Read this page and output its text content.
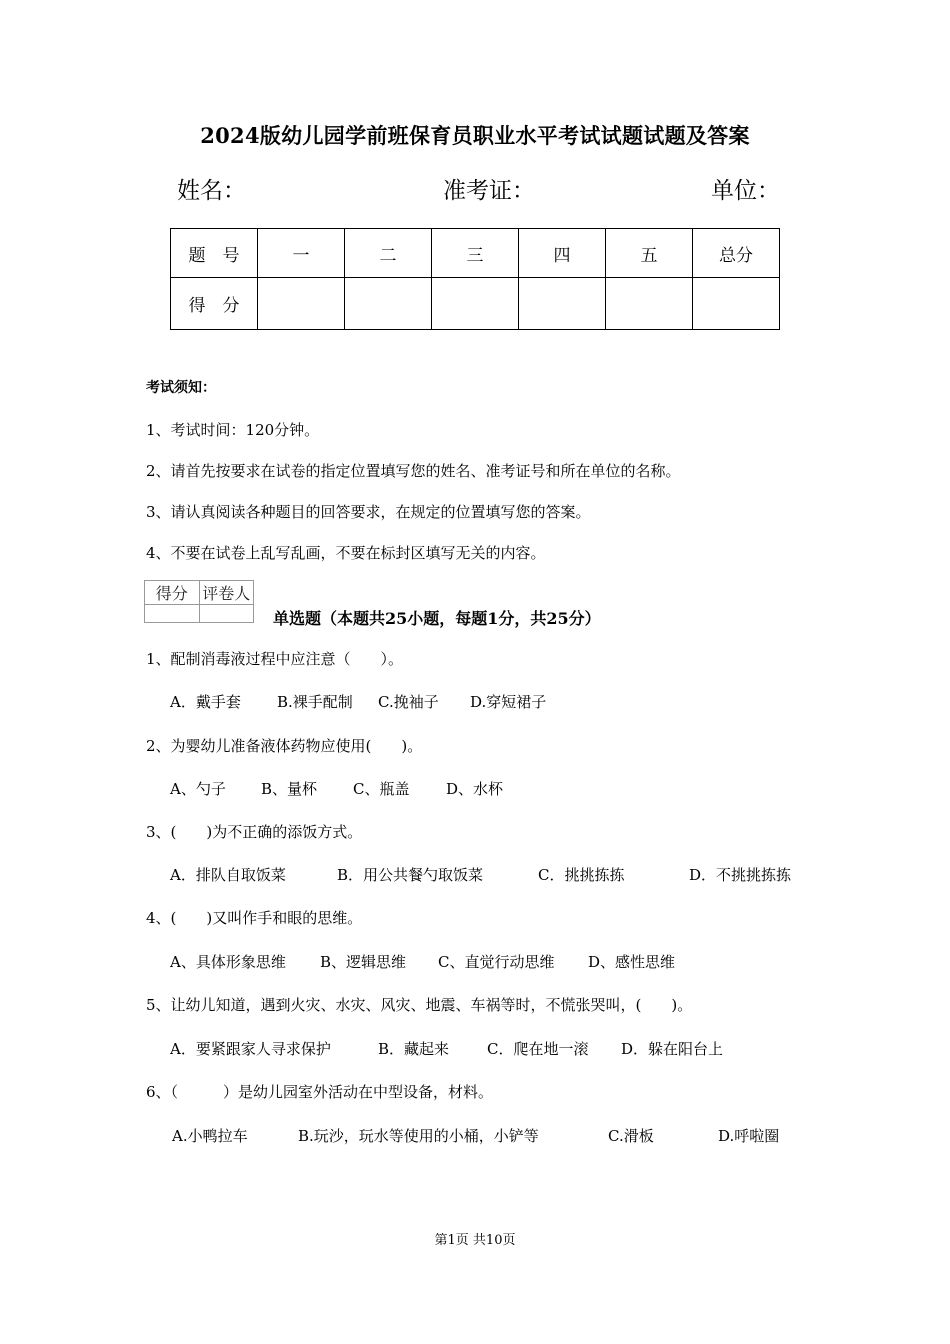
2024版幼儿园学前班保育员职业水平考试试题试题及答案
姓名：	准考证：	单位：
题　号	一	二	三	四	五	总分
得　分						
考试须知：
1、考试时间：120分钟。
2、请首先按要求在试卷的指定位置填写您的姓名、准考证号和所在单位的名称。
3、请认真阅读各种题目的回答要求，在规定的位置填写您的答案。
4、不要在试卷上乱写乱画，不要在标封区填写无关的内容。
得分	评卷人

单选题（本题共25小题，每题1分，共25分）
1、配制消毒液过程中应注意（　　）。
A．戴手套 B.裸手配制 C.挽袖子 D.穿短裙子
2、为婴幼儿准备液体药物应使用(　　)。
A、勺子 B、量杯 C、瓶盖 D、水杯
3、(　　)为不正确的添饭方式。
A．排队自取饭菜	B．用公共餐勺取饭菜	C．挑挑拣拣	D．不挑挑拣拣
4、(　　)又叫作手和眼的思维。
A、具体形象思维 B、逻辑思维 C、直觉行动思维 D、感性思维
5、让幼儿知道，遇到火灾、水灾、风灾、地震、车祸等时，不慌张哭叫，(　　)。
A．要紧跟家人寻求保护	B．藏起来	C．爬在地一滚 D．躲在阳台上
6、（　　　）是幼儿园室外活动在中型设备，材料。
A.小鸭拉车	B.玩沙，玩水等使用的小桶，小铲等	C.滑板	D.呼啦圈
第1页 共10页
